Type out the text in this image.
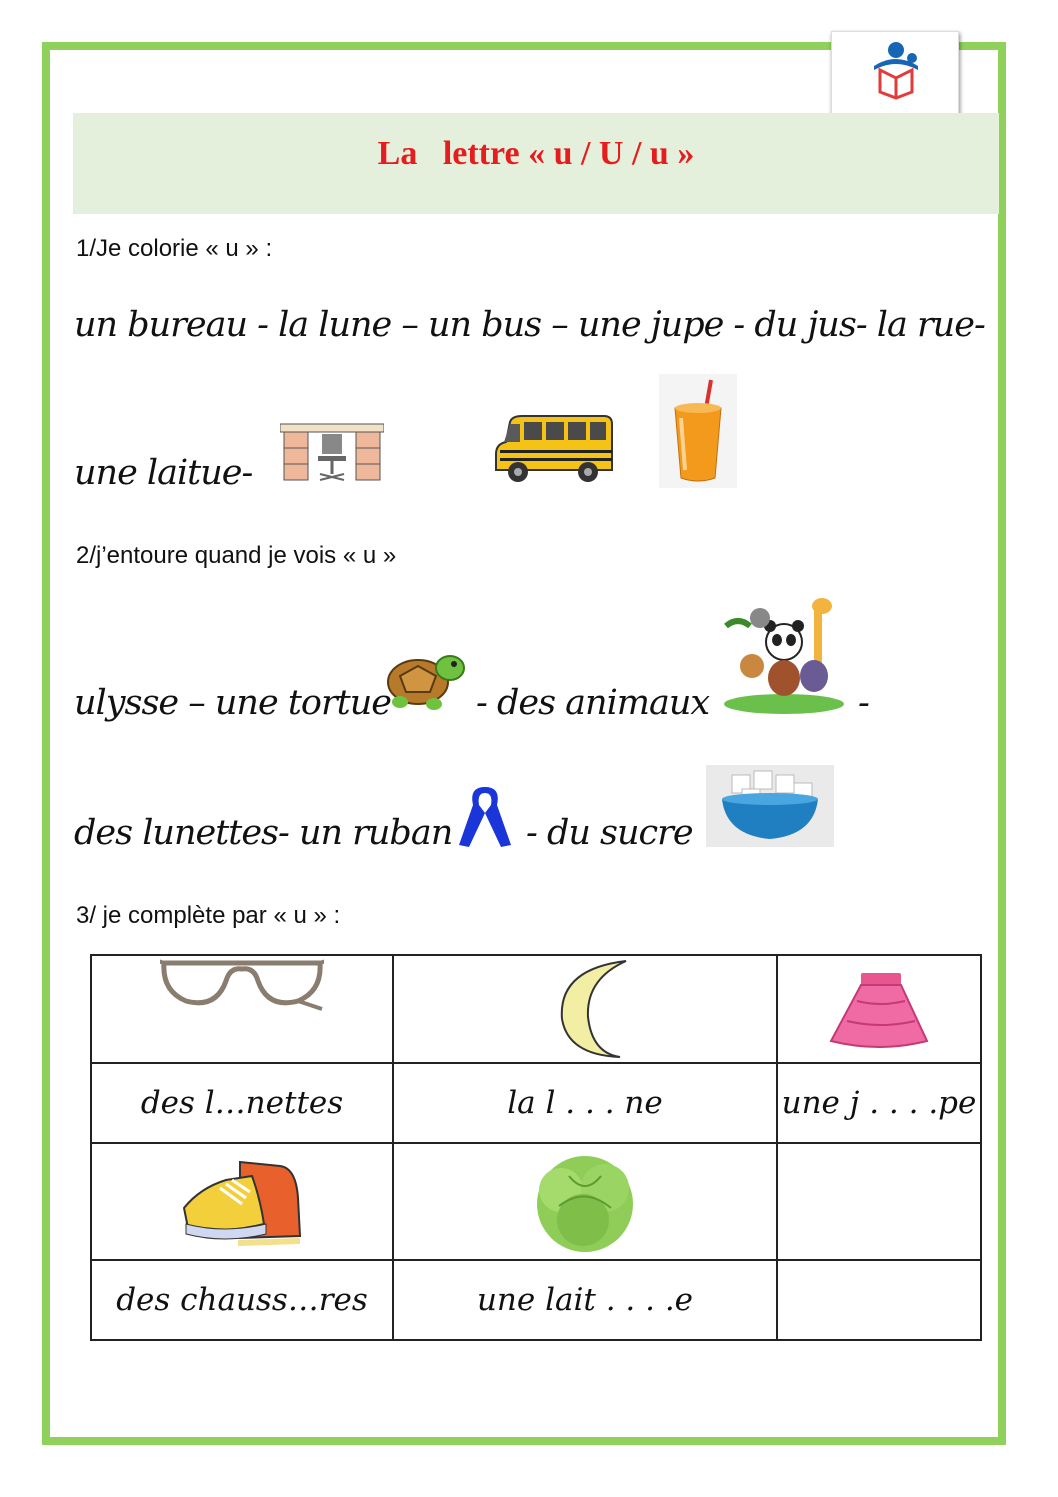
La   lettre « u / U / u »
1/Je colorie « u » :
un bureau - la lune – un bus – une jupe - du jus- la rue-
une laitue-
2/j’entoure quand je vois « u »
ulysse – une tortue - des animaux	-
des lunettes- un ruban - du sucre
3/ je complète par « u » :

des l…nettes	la l . . . ne	une j . . . .pe

des chauss…res	une lait . . . .e	
